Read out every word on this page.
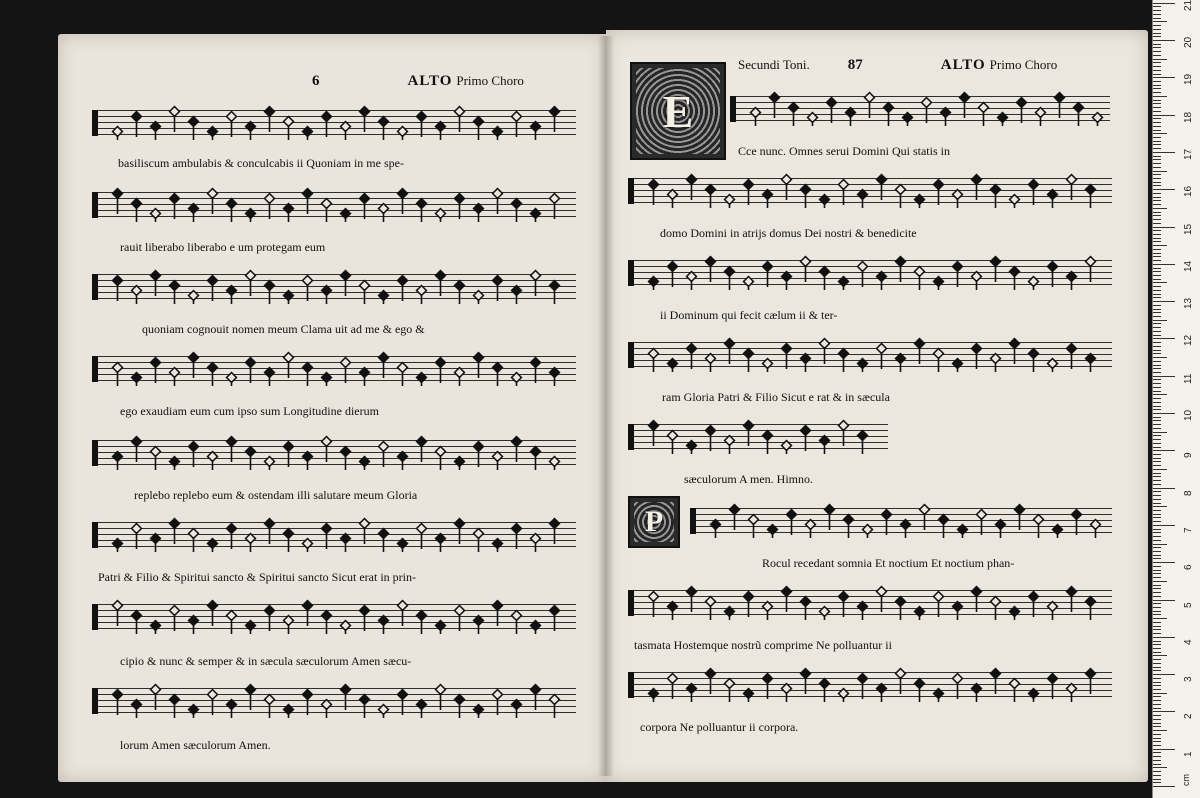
6	ALTO Primo Choro
Secundi Toni.	87	ALTO Primo Choro
E
P
basiliscum ambulabis & conculcabis ii Quoniam in me spe-
rauit liberabo liberabo e um protegam eum
quoniam cognouit nomen meum Clama uit ad me & ego &
ego exaudiam eum cum ipso sum Longitudine dierum
replebo replebo eum & ostendam illi salutare meum Gloria
Patri & Filio & Spiritui sancto & Spiritui sancto Sicut erat in prin-
cipio & nunc & semper & in sæcula sæculorum Amen sæcu-
lorum Amen sæculorum Amen.
Cce nunc. Omnes serui Domini Qui statis in
domo Domini in atrijs domus Dei nostri & benedicite
ii Dominum qui fecit cælum ii & ter-
ram Gloria Patri & Filio Sicut e rat & in sæcula
sæculorum A men. Himno.
Rocul recedant somnia Et noctium Et noctium phan-
tasmata Hostemque nostrũ comprime Ne polluantur ii
corpora Ne polluantur ii corpora.
cm
1
2
3
4
5
6
7
8
9
10
11
12
13
14
15
16
17
18
19
20
21
